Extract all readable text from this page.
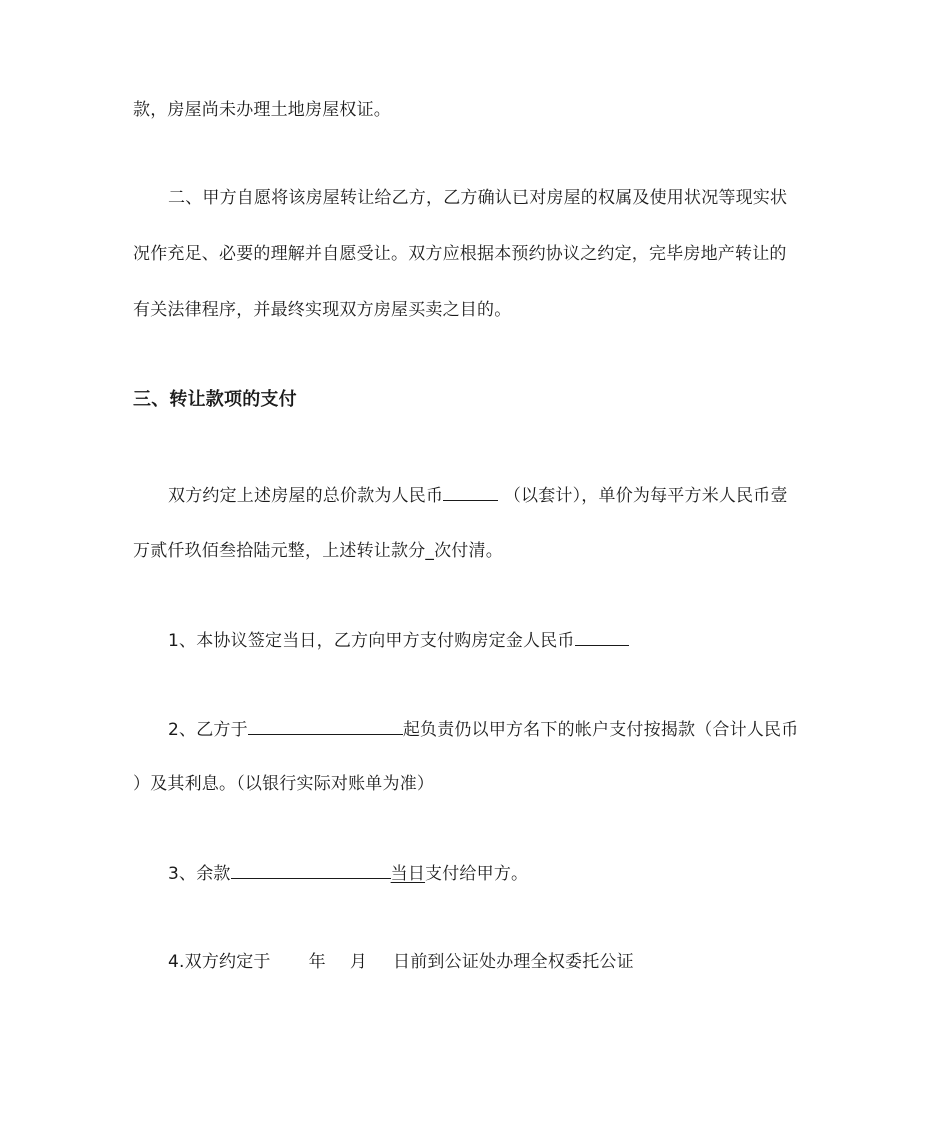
款，房屋尚未办理土地房屋权证。
二、甲方自愿将该房屋转让给乙方，乙方确认已对房屋的权属及使用状况等现实状
况作充足、必要的理解并自愿受让。双方应根据本预约协议之约定，完毕房地产转让的
有关法律程序，并最终实现双方房屋买卖之目的。
三、转让款项的支付
双方约定上述房屋的总价款为人民币	（以套计），单价为每平方米人民币壹
万贰仟玖佰叁拾陆元整，上述转让款分_次付清。
1、本协议签定当日，乙方向甲方支付购房定金人民币
2、乙方于	起负责仍以甲方名下的帐户支付按揭款（合计人民币
）及其利息。（以银行实际对账单为准）
3、余款	当日支付给甲方。
4.双方约定于 年 月 日前到公证处办理全权委托公证
